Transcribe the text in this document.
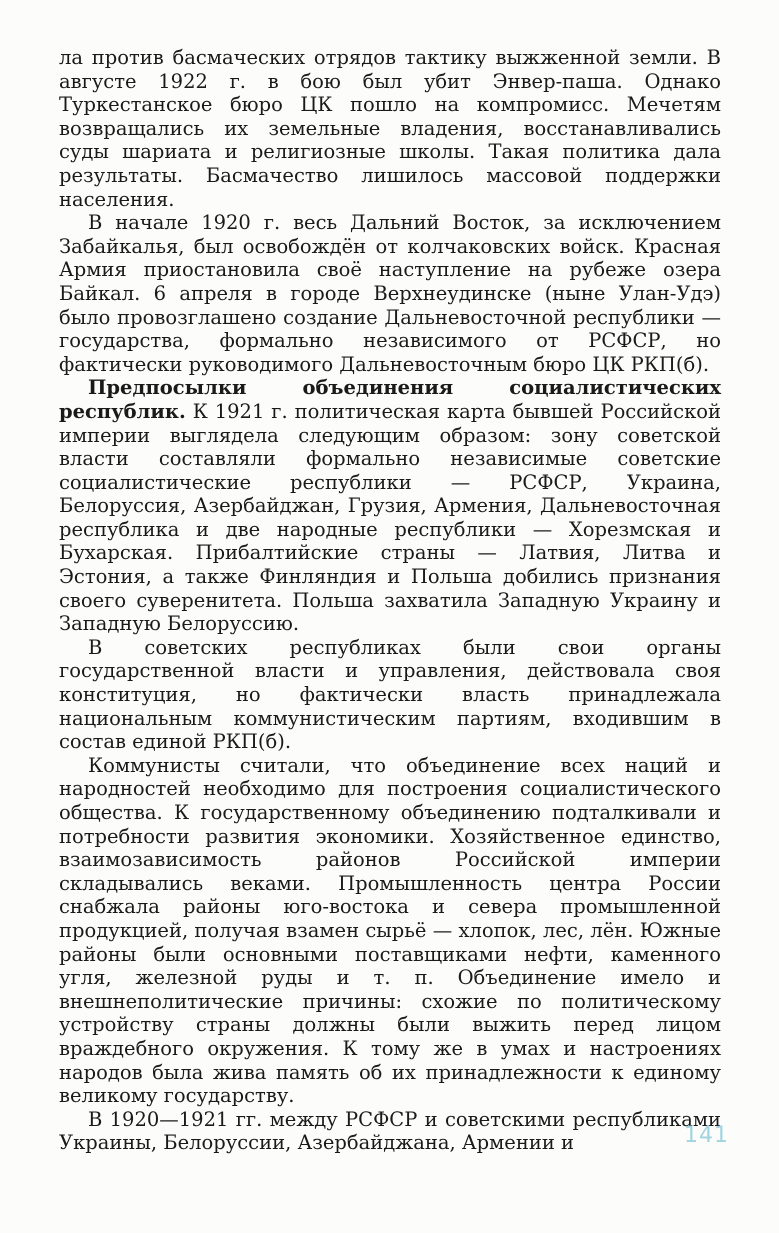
ла против басмаческих отрядов тактику выжженной земли. В августе 1922 г. в бою был убит Энвер-паша. Однако Туркестанское бюро ЦК пошло на компромисс. Мечетям возвращались их земельные владения, восстанавливались суды шариата и религиозные школы. Такая политика дала результаты. Басмачество лишилось массовой поддержки населения.

В начале 1920 г. весь Дальний Восток, за исключением Забайкалья, был освобождён от колчаковских войск. Красная Армия приостановила своё наступление на рубеже озера Байкал. 6 апреля в городе Верхнеудинске (ныне Улан-Удэ) было провозглашено создание Дальневосточной республики — государства, формально независимого от РСФСР, но фактически руководимого Дальневосточным бюро ЦК РКП(б).

Предпосылки объединения социалистических республик. К 1921 г. политическая карта бывшей Российской империи выглядела следующим образом: зону советской власти составляли формально независимые советские социалистические республики — РСФСР, Украина, Белоруссия, Азербайджан, Грузия, Армения, Дальневосточная республика и две народные республики — Хорезмская и Бухарская. Прибалтийские страны — Латвия, Литва и Эстония, а также Финляндия и Польша добились признания своего суверенитета. Польша захватила Западную Украину и Западную Белоруссию.

В советских республиках были свои органы государственной власти и управления, действовала своя конституция, но фактически власть принадлежала национальным коммунистическим партиям, входившим в состав единой РКП(б).

Коммунисты считали, что объединение всех наций и народностей необходимо для построения социалистического общества. К государственному объединению подталкивали и потребности развития экономики. Хозяйственное единство, взаимозависимость районов Российской империи складывались веками. Промышленность центра России снабжала районы юго-востока и севера промышленной продукцией, получая взамен сырьё — хлопок, лес, лён. Южные районы были основными поставщиками нефти, каменного угля, железной руды и т. п. Объединение имело и внешнеполитические причины: схожие по политическому устройству страны должны были выжить перед лицом враждебного окружения. К тому же в умах и настроениях народов была жива память об их принадлежности к единому великому государству.

В 1920—1921 гг. между РСФСР и советскими республиками Украины, Белоруссии, Азербайджана, Армении и	141
